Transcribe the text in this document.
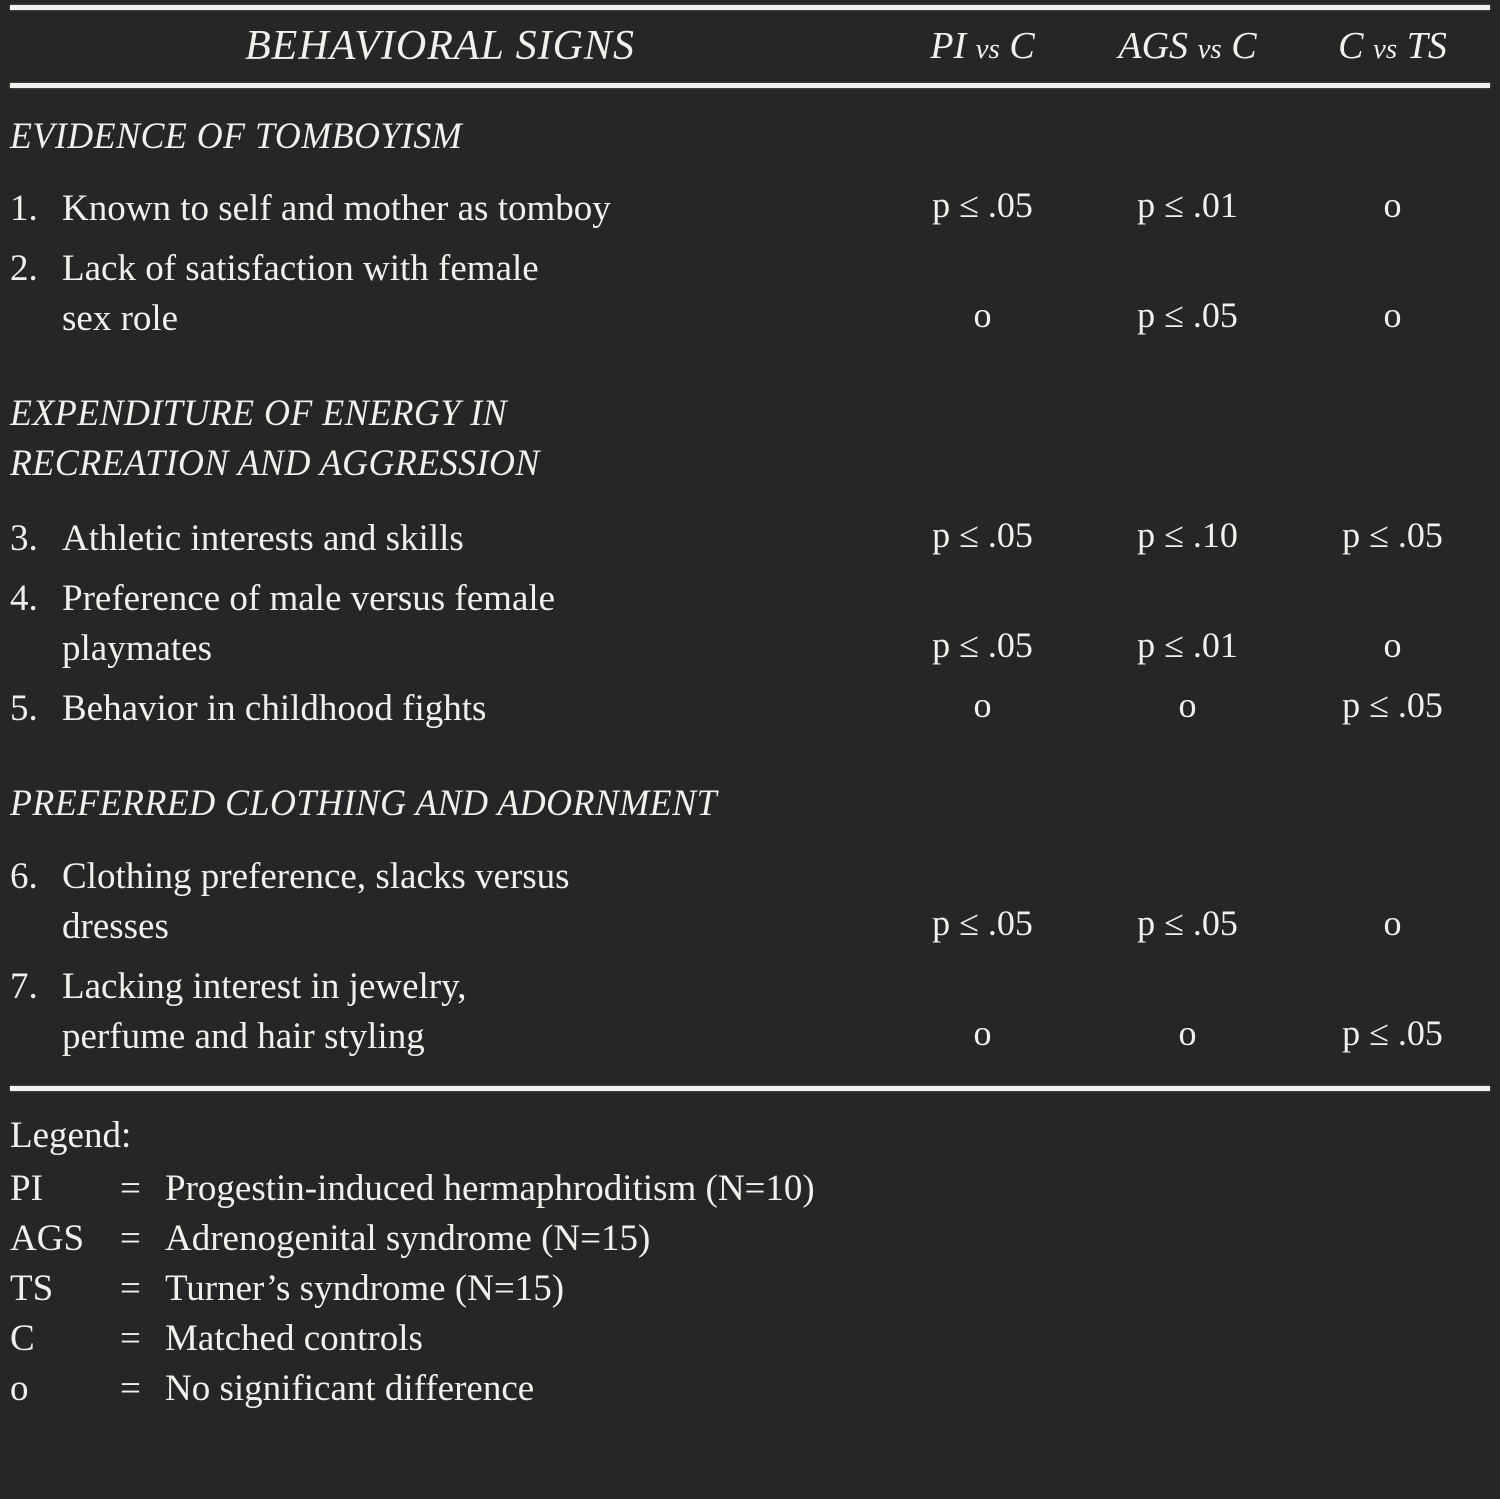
BEHAVIORAL SIGNS	PI vs C	AGS vs C	C vs TS
EVIDENCE OF TOMBOYISM
1. Known to self and mother as tomboy	p ≤ .05	p ≤ .01	o
2. Lack of satisfaction with female
sex role	o	p ≤ .05	o
EXPENDITURE OF ENERGY IN
RECREATION AND AGGRESSION
3. Athletic interests and skills	p ≤ .05	p ≤ .10	p ≤ .05
4. Preference of male versus female
playmates	p ≤ .05	p ≤ .01	o
5. Behavior in childhood fights	o	o	p ≤ .05
PREFERRED CLOTHING AND ADORNMENT
6. Clothing preference, slacks versus
dresses	p ≤ .05	p ≤ .05	o
7. Lacking interest in jewelry,
perfume and hair styling	o	o	p ≤ .05
Legend:
PI	= Progestin-induced hermaphroditism (N=10)
AGS = Adrenogenital syndrome (N=15)
TS	= Turner’s syndrome (N=15)
C	= Matched controls
o	= No significant difference
